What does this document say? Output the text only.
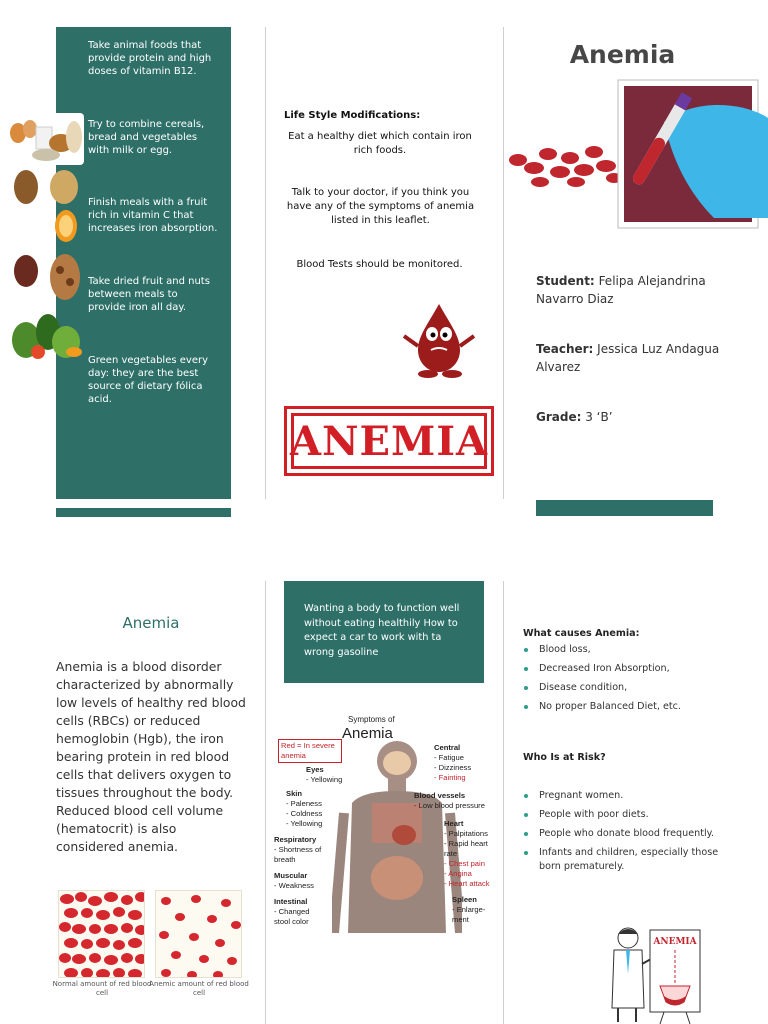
Take animal foods that provide protein and high doses of vitamin B12.
Try to combine cereals, bread and vegetables with milk or egg.
Finish meals with a fruit rich in vitamin C that increases iron absorption.
Take dried fruit and nuts between meals to provide iron all day.
Green vegetables every day: they are the best source of dietary fólica acid.
Life Style Modifications:
Eat a healthy diet which contain iron rich foods.
Talk to your doctor, if you think you have any of the symptoms of anemia listed in this leaflet.
Blood Tests should be monitored.
ANEMIA
Anemia
Student: Felipa Alejandrina Navarro Diaz
Teacher: Jessica Luz Andagua Alvarez
Grade: 3 ‘B’
Anemia
Anemia is a blood disorder characterized by abnormally low levels of healthy red blood cells (RBCs) or reduced hemoglobin (Hgb), the iron bearing protein in red blood cells that delivers oxygen to tissues throughout the body. Reduced blood cell volume (hematocrit) is also considered anemia.
Normal amount of red blood cell
Anemic amount of red blood cell
Wanting a body to function well without eating healthily How to expect a car to work with ta wrong gasoline
Symptoms of
Anemia
Red = In severe anemia
Central
- Fatigue
- Dizziness
- Fainting
Eyes
- Yellowing
Skin
- Paleness
- Coldness
- Yellowing
Blood vessels
- Low blood pressure
Heart
- Palpitations
- Rapid heart rate
- Chest pain
- Angina
- Heart attack
Respiratory
- Shortness of breath
Muscular
- Weakness
Intestinal
- Changed stool color
Spleen
- Enlarge-ment
What causes Anemia:
Blood loss,
Decreased Iron Absorption,
Disease condition,
No proper Balanced Diet, etc.
Who Is at Risk?
Pregnant women.
People with poor diets.
People who donate blood frequently.
Infants and children, especially those born prematurely.
ANEMIA
